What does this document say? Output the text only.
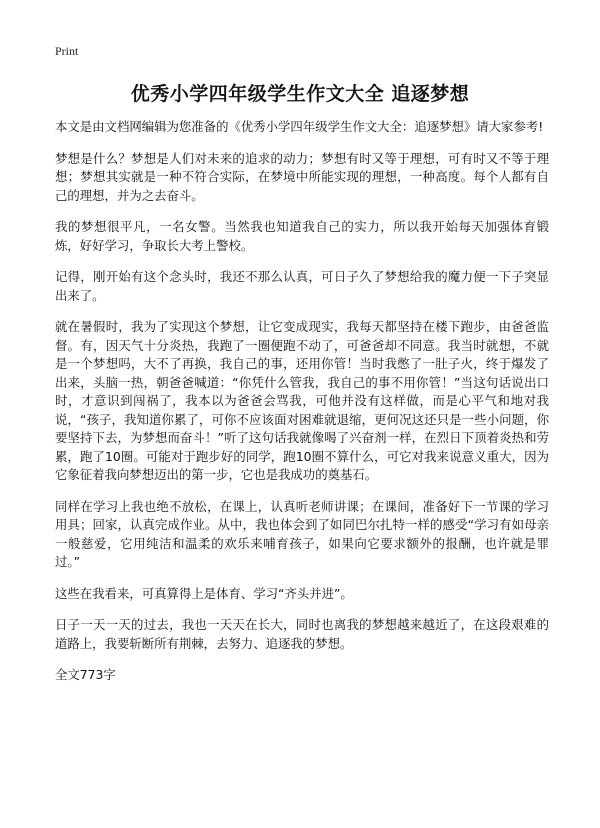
Print
优秀小学四年级学生作文大全 追逐梦想

本文是由文档网编辑为您准备的《优秀小学四年级学生作文大全：追逐梦想》请大家参考!

梦想是什么？梦想是人们对未来的追求的动力；梦想有时又等于理想，可有时又不等于理想；梦想其实就是一种不符合实际，在梦境中所能实现的理想，一种高度。每个人都有自己的理想，并为之去奋斗。

我的梦想很平凡，一名女警。当然我也知道我自己的实力，所以我开始每天加强体育锻炼，好好学习，争取长大考上警校。

记得，刚开始有这个念头时，我还不那么认真，可日子久了梦想给我的魔力便一下子突显出来了。

就在暑假时，我为了实现这个梦想，让它变成现实，我每天都坚持在楼下跑步，由爸爸监督。有，因天气十分炎热，我跑了一圈便跑不动了，可爸爸却不同意。我当时就想，不就是一个梦想吗，大不了再换，我自己的事，还用你管！当时我憋了一肚子火，终于爆发了出来，头脑一热，朝爸爸喊道：“你凭什么管我，我自己的事不用你管！”当这句话说出口时，才意识到闯祸了，我本以为爸爸会骂我，可他并没有这样做，而是心平气和地对我说，“孩子，我知道你累了，可你不应该面对困难就退缩，更何况这还只是一些小问题，你要坚持下去，为梦想而奋斗！”听了这句话我就像喝了兴奋剂一样，在烈日下顶着炎热和劳累，跑了10圈。可能对于跑步好的同学，跑10圈不算什么，可它对我来说意义重大，因为它象征着我向梦想迈出的第一步，它也是我成功的奠基石。

同样在学习上我也绝不放松，在课上，认真听老师讲课；在课间，准备好下一节课的学习用具；回家，认真完成作业。从中，我也体会到了如同巴尔扎特一样的感受“学习有如母亲一般慈爱，它用纯洁和温柔的欢乐来哺育孩子，如果向它要求额外的报酬，也许就是罪过。”

这些在我看来，可真算得上是体育、学习“齐头并进”。

日子一天一天的过去，我也一天天在长大，同时也离我的梦想越来越近了，在这段艰难的道路上，我要斩断所有荆棘，去努力、追逐我的梦想。

全文773字
